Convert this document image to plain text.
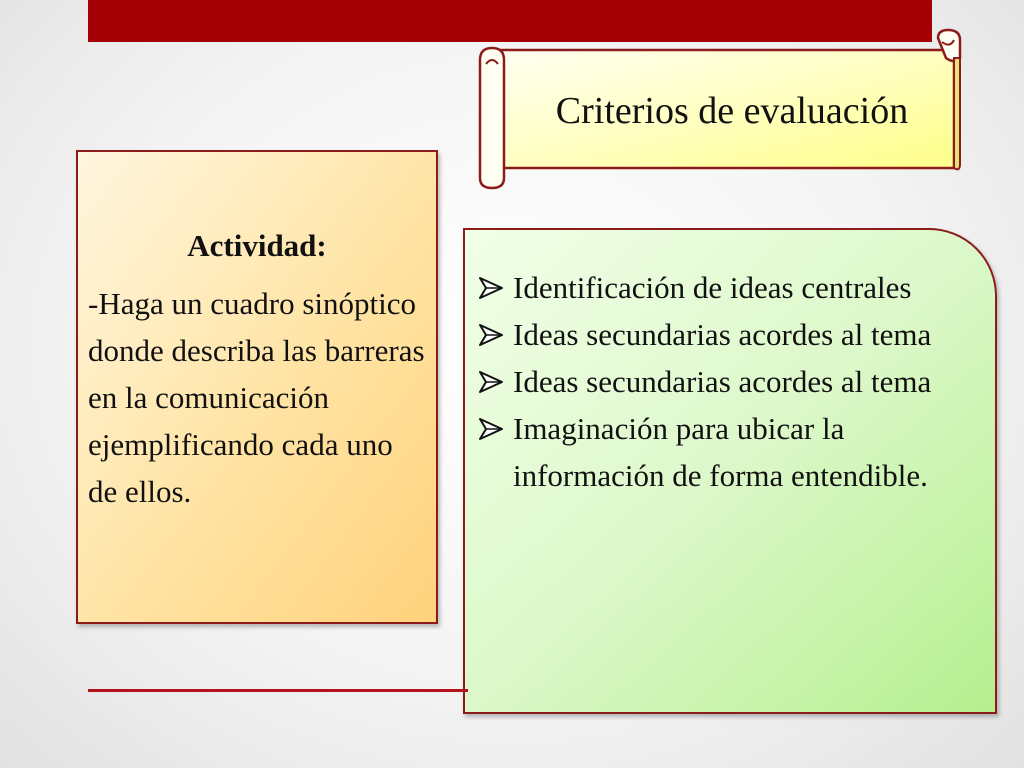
Criterios de evaluación
Actividad:

-Haga un cuadro sinóptico donde describa las barreras en la comunicación ejemplificando cada uno de ellos.

Identificación de ideas centrales
Ideas secundarias acordes al tema
Ideas secundarias acordes al tema
Imaginación para ubicar la información de forma entendible.
